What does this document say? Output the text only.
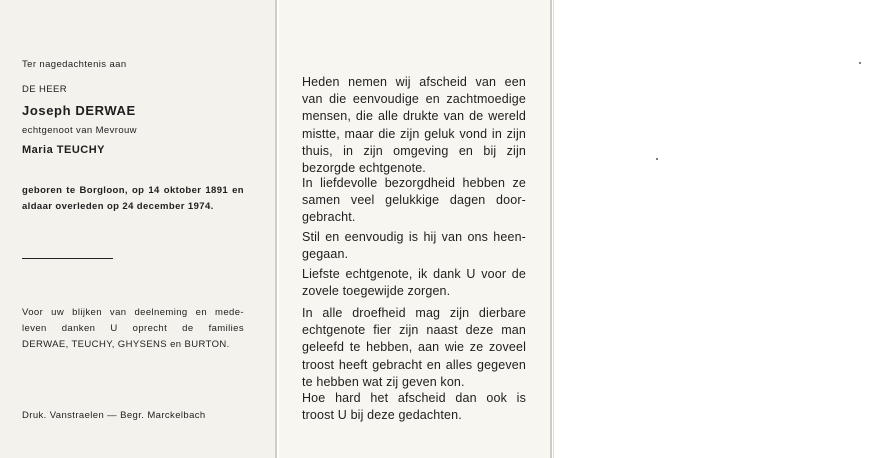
Ter nagedachtenis aan

DE HEER

Joseph DERWAE

echtgenoot van Mevrouw

Maria TEUCHY

geboren te Borgloon, op 14 oktober 1891 en
aldaar overleden op 24 december 1974.
Voor uw blijken van deelneming en mede-
leven danken U oprecht de families
DERWAE, TEUCHY, GHYSENS en BURTON.
Druk. Vanstraelen — Begr. Marckelbach
Heden nemen wij afscheid van een
van die eenvoudige en zachtmoedige
mensen, die alle drukte van de wereld
mistte, maar die zijn geluk vond in zijn
thuis, in zijn omgeving en bij zijn
bezorgde echtgenote.
In liefdevolle bezorgdheid hebben ze
samen veel gelukkige dagen door-
gebracht.
Stil en eenvoudig is hij van ons heen-
gegaan.
Liefste echtgenote, ik dank U voor de
zovele toegewijde zorgen.
In alle droefheid mag zijn dierbare
echtgenote fier zijn naast deze man
geleefd te hebben, aan wie ze zoveel
troost heeft gebracht en alles gegeven
te hebben wat zij geven kon.
Hoe hard het afscheid dan ook is
troost U bij deze gedachten.
